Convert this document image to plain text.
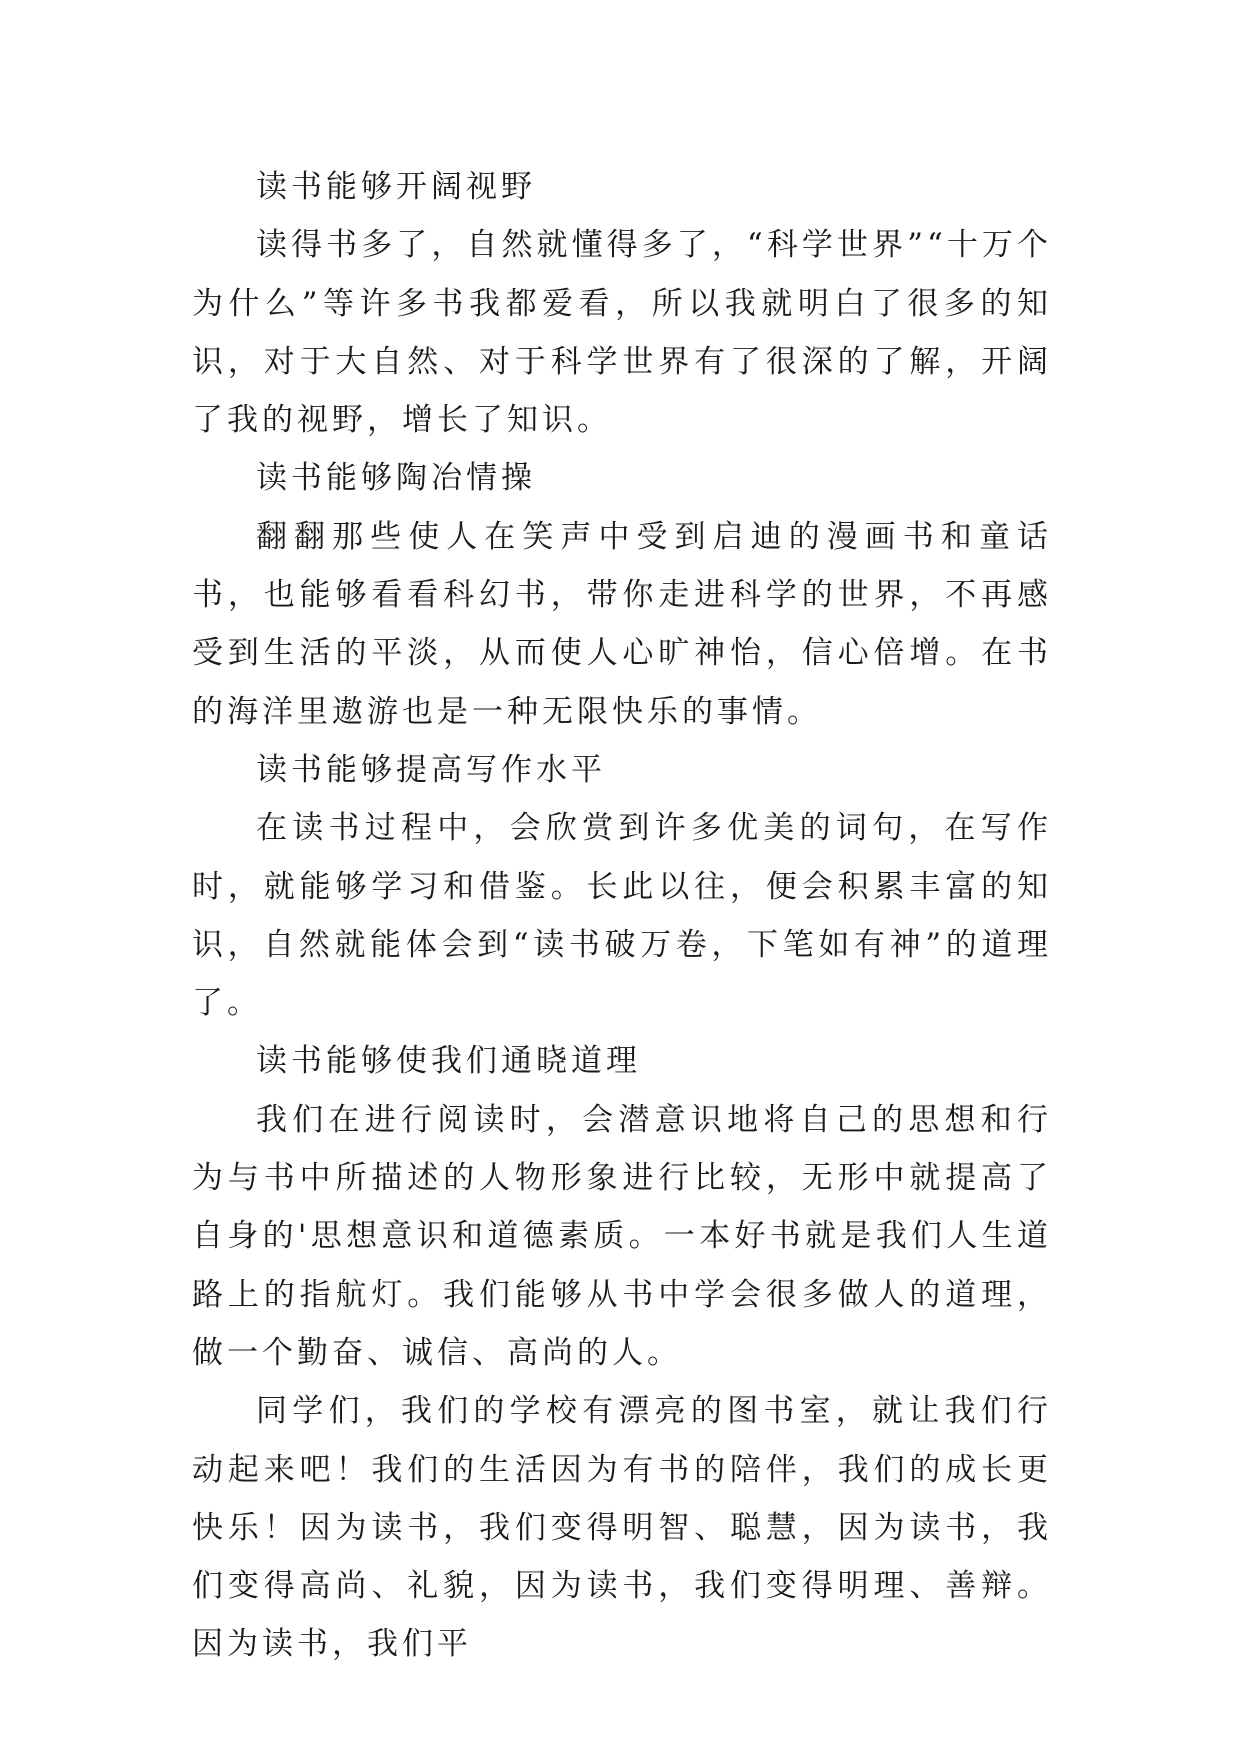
读书能够开阔视野

读得书多了，自然就懂得多了，“科学世界”“十万个为什么”等许多书我都爱看，所以我就明白了很多的知识，对于大自然、对于科学世界有了很深的了解，开阔了我的视野，增长了知识。

读书能够陶冶情操

翻翻那些使人在笑声中受到启迪的漫画书和童话书，也能够看看科幻书，带你走进科学的世界，不再感受到生活的平淡，从而使人心旷神怡，信心倍增。在书的海洋里遨游也是一种无限快乐的事情。

读书能够提高写作水平

在读书过程中，会欣赏到许多优美的词句，在写作时，就能够学习和借鉴。长此以往，便会积累丰富的知识，自然就能体会到“读书破万卷，下笔如有神”的道理了。

读书能够使我们通晓道理

我们在进行阅读时，会潜意识地将自己的思想和行为与书中所描述的人物形象进行比较，无形中就提高了自身的'思想意识和道德素质。一本好书就是我们人生道路上的指航灯。我们能够从书中学会很多做人的道理，做一个勤奋、诚信、高尚的人。

同学们，我们的学校有漂亮的图书室，就让我们行动起来吧！我们的生活因为有书的陪伴，我们的成长更快乐！因为读书，我们变得明智、聪慧，因为读书，我们变得高尚、礼貌，因为读书，我们变得明理、善辩。因为读书，我们平
